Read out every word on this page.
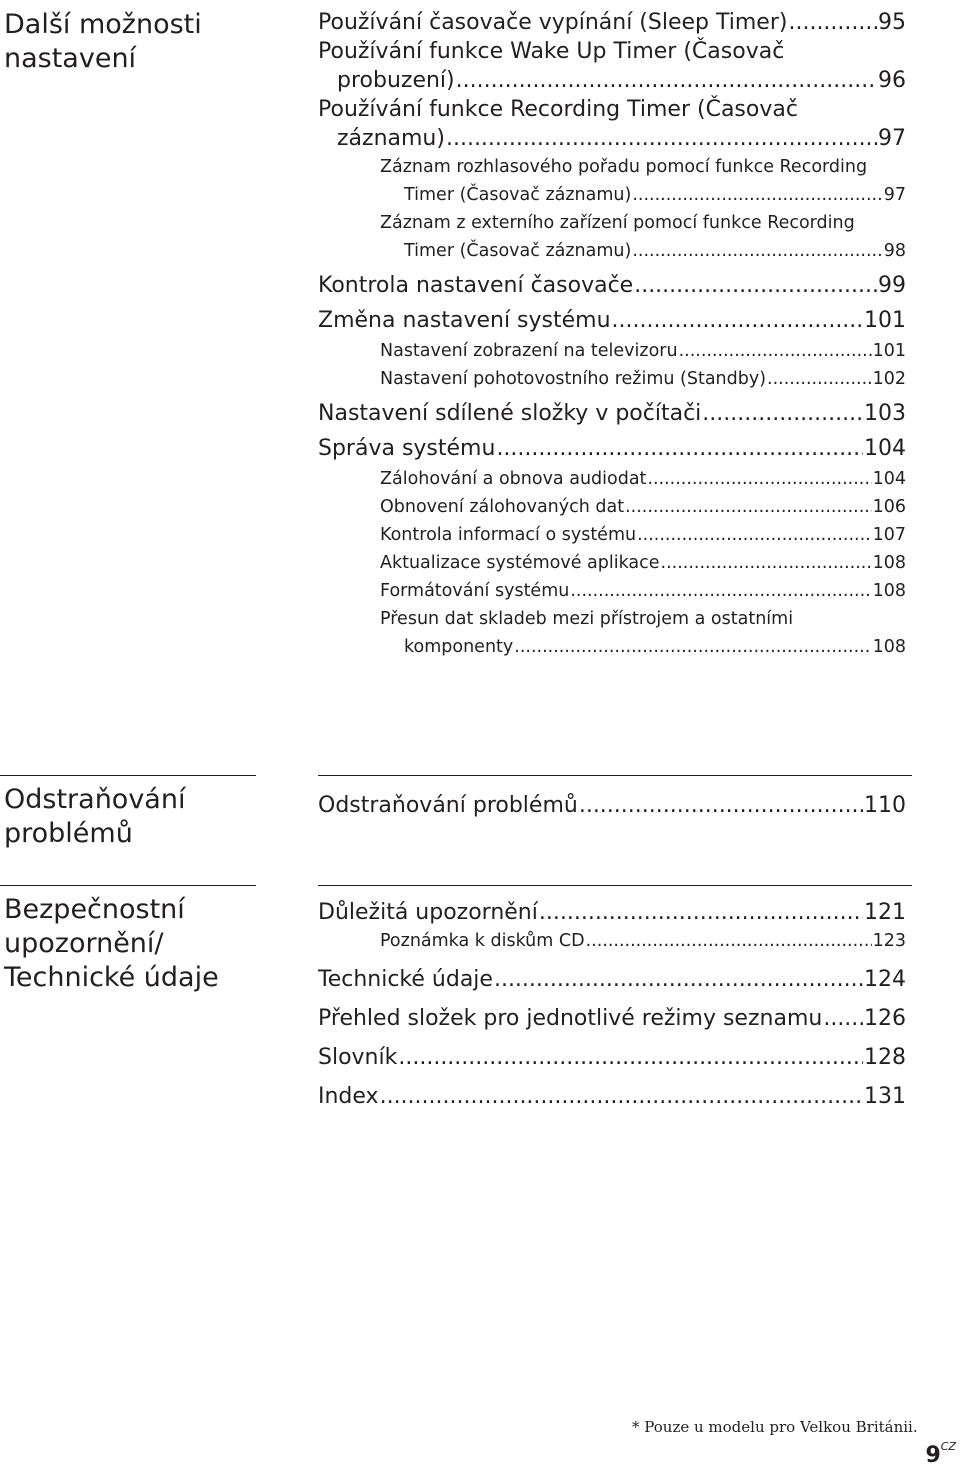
Další možnosti nastavení
Používání časovače vypínání (Sleep Timer) .....	95
Používání funkce Wake Up Timer (Časovač
probuzení) .....	96
Používání funkce Recording Timer (Časovač
záznamu) .....	97
Záznam rozhlasového pořadu pomocí funkce Recording
Timer (Časovač záznamu) .....	97
Záznam z externího zařízení pomocí funkce Recording
Timer (Časovač záznamu) .....	98
Kontrola nastavení časovače .....	99
Změna nastavení systému .....	101
Nastavení zobrazení na televizoru .....	101
Nastavení pohotovostního režimu (Standby) .....	102
Nastavení sdílené složky v počítači .....	103
Správa systému .....	104
Zálohování a obnova audiodat .....	104
Obnovení zálohovaných dat .....	106
Kontrola informací o systému .....	107
Aktualizace systémové aplikace .....	108
Formátování systému .....	108
Přesun dat skladeb mezi přístrojem a ostatními
komponenty .....	108
Odstraňování problémů
Odstraňování problémů .....	110
Bezpečnostní upozornění/ Technické údaje
Důležitá upozornění .....	121
Poznámka k diskům CD .....	123
Technické údaje .....	124
Přehled složek pro jednotlivé režimy seznamu ..... 126
Slovník .....	128
Index .....	131
* Pouze u modelu pro Velkou Británii.
$9^{CZ}$
